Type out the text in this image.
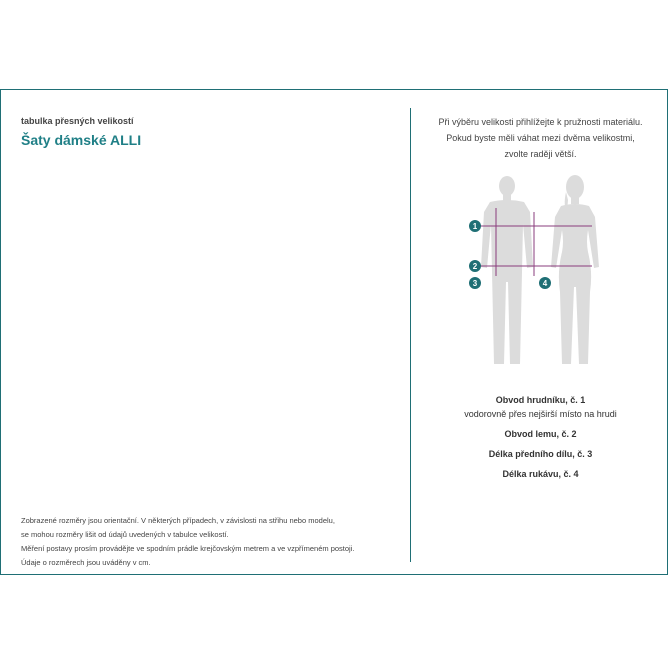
tabulka přesných velikostí
Šaty dámské ALLI
Zobrazené rozměry jsou orientační. V některých případech, v závislosti na střihu nebo modelu,
se mohou rozměry lišit od údajů uvedených v tabulce velikostí.
Měření postavy prosím provádějte ve spodním prádle krejčovským metrem a ve vzpřímeném postoji.
Údaje o rozměrech jsou uváděny v cm.
Při výběru velikosti přihlížejte k pružnosti materiálu.
Pokud byste měli váhat mezi dvěma velikostmi,
zvolte raději větší.
1
2
3	4
Obvod hrudníku, č. 1
vodorovně přes nejširší místo na hrudi
Obvod lemu, č. 2
Délka předního dílu, č. 3
Délka rukávu, č. 4
